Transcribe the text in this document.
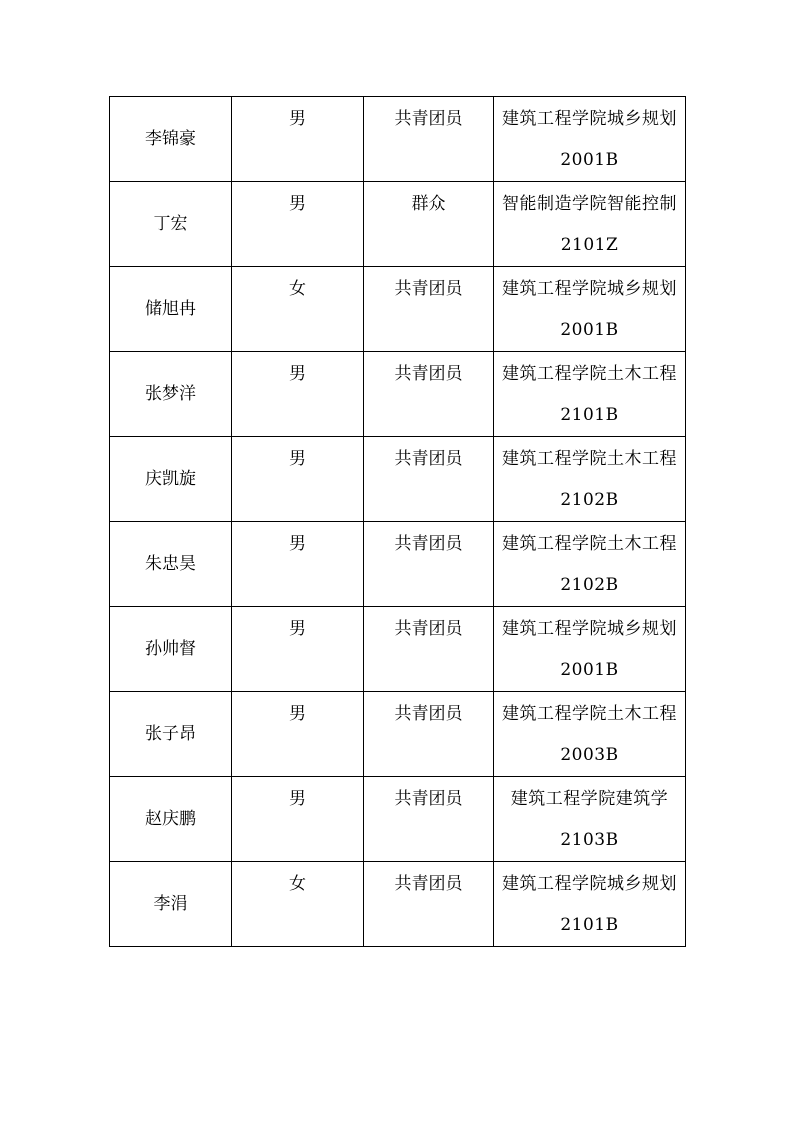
李锦豪	男	共青团员	建筑工程学院城乡规划 2001B
丁宏	男	群众	智能制造学院智能控制 2101Z
储旭冉	女	共青团员	建筑工程学院城乡规划 2001B
张梦洋	男	共青团员	建筑工程学院土木工程 2101B
庆凯旋	男	共青团员	建筑工程学院土木工程 2102B
朱忠昊	男	共青团员	建筑工程学院土木工程 2102B
孙帅督	男	共青团员	建筑工程学院城乡规划 2001B
张子昂	男	共青团员	建筑工程学院土木工程 2003B
赵庆鹏	男	共青团员	建筑工程学院建筑学 2103B
李涓	女	共青团员	建筑工程学院城乡规划 2101B
